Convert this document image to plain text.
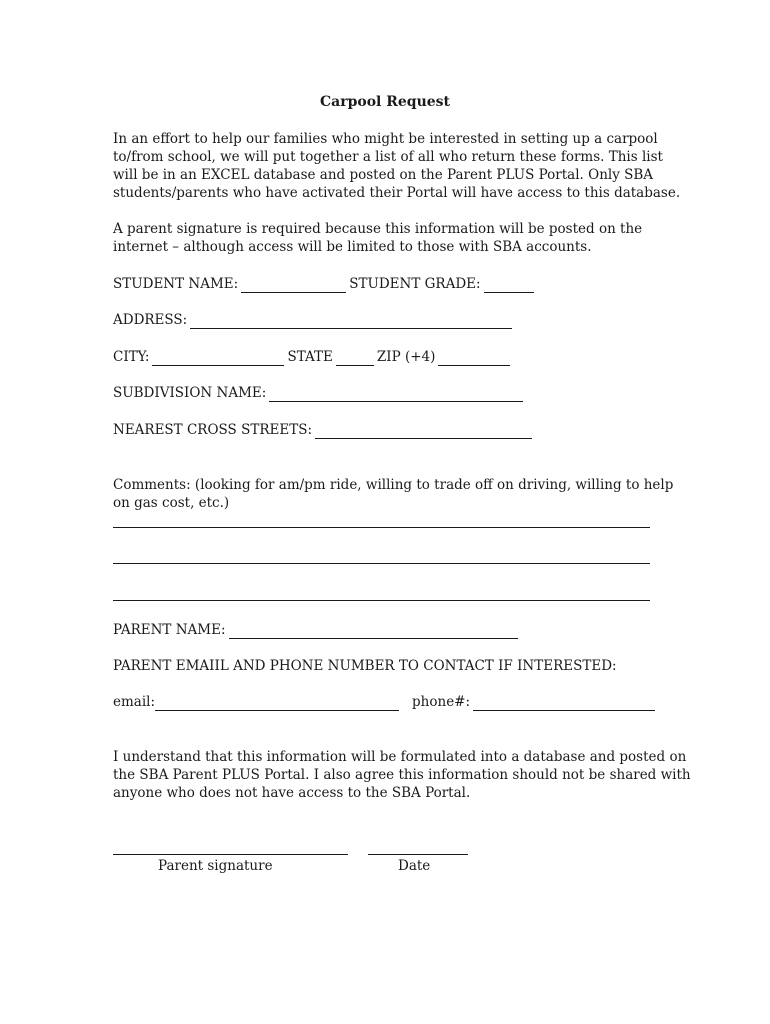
Carpool Request

In an effort to help our families who might be interested in setting up a carpool

to/from school, we will put together a list of all who return these forms. This list

will be in an EXCEL database and posted on the Parent PLUS Portal. Only SBA

students/parents who have activated their Portal will have access to this database.

A parent signature is required because this information will be posted on the

internet – although access will be limited to those with SBA accounts.

STUDENT NAME:	STUDENT GRADE:
ADDRESS:
CITY:	STATE	ZIP (+4)
SUBDIVISION NAME:
NEAREST CROSS STREETS:

Comments: (looking for am/pm ride, willing to trade off on driving, willing to help

on gas cost, etc.)

PARENT NAME:

PARENT EMAIIL AND PHONE NUMBER TO CONTACT IF INTERESTED:

email:	phone#:

I understand that this information will be formulated into a database and posted on

the SBA Parent PLUS Portal. I also agree this information should not be shared with

anyone who does not have access to the SBA Portal.

Parent signature	Date
